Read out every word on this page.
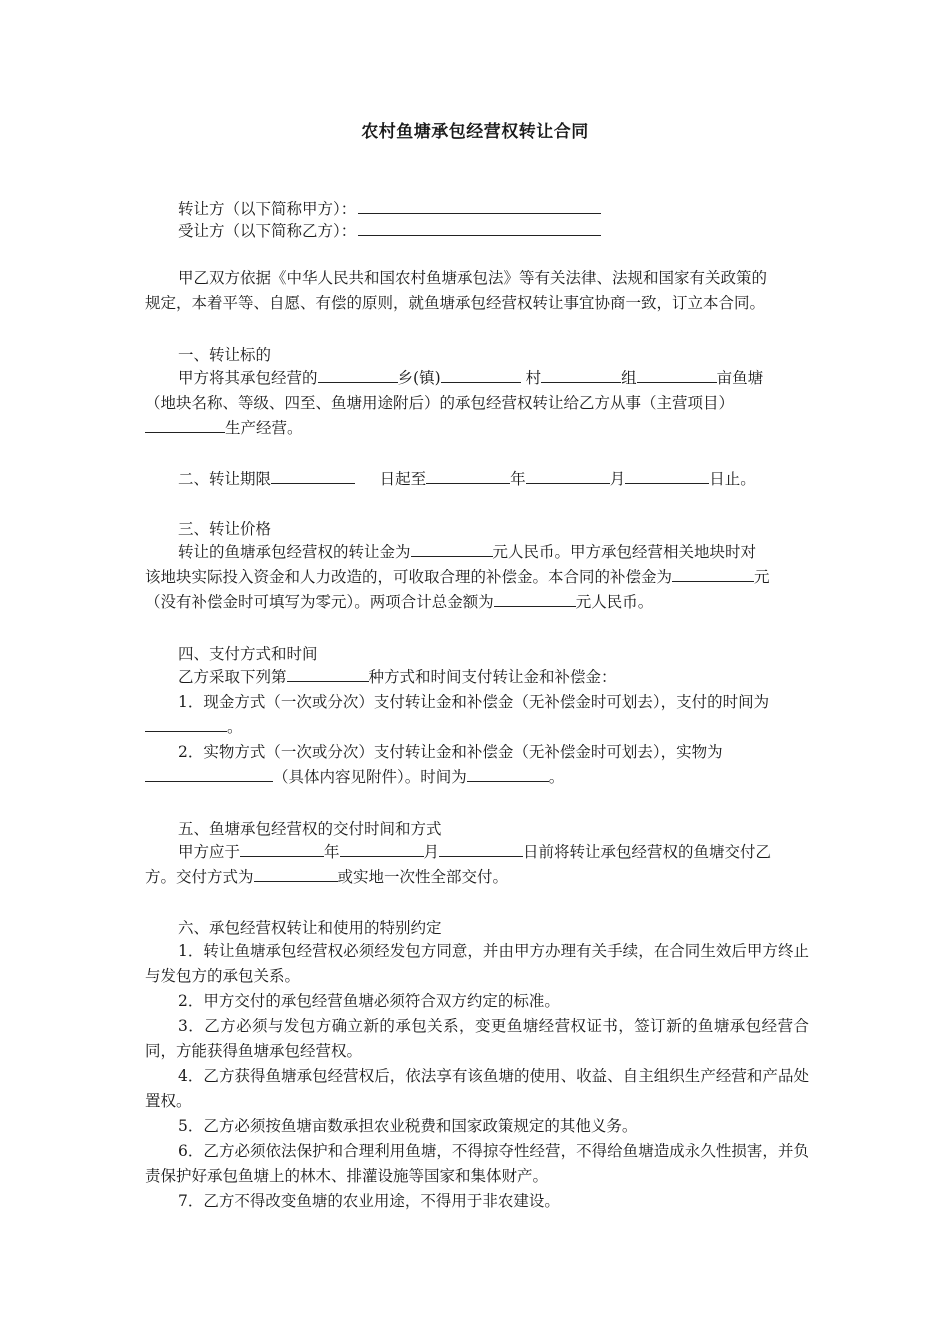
农村鱼塘承包经营权转让合同
转让方（以下简称甲方）：
受让方（以下简称乙方）：
甲乙双方依据《中华人民共和国农村鱼塘承包法》等有关法律、法规和国家有关政策的
规定，本着平等、自愿、有偿的原则，就鱼塘承包经营权转让事宜协商一致，订立本合同。
一、转让标的
甲方将其承包经营的	乡(镇)	村	组	亩鱼塘
（地块名称、等级、四至、鱼塘用途附后）的承包经营权转让给乙方从事（主营项目）
生产经营。
二、转让期限	日起至	年	月	日止。
三、转让价格
转让的鱼塘承包经营权的转让金为	元人民币。甲方承包经营相关地块时对
该地块实际投入资金和人力改造的，可收取合理的补偿金。本合同的补偿金为	元
（没有补偿金时可填写为零元）。两项合计总金额为	元人民币。
四、支付方式和时间
乙方采取下列第	种方式和时间支付转让金和补偿金：
1．现金方式（一次或分次）支付转让金和补偿金（无补偿金时可划去），支付的时间为
。
2．实物方式（一次或分次）支付转让金和补偿金（无补偿金时可划去），实物为
（具体内容见附件）。时间为	。
五、鱼塘承包经营权的交付时间和方式
甲方应于	年	月	日前将转让承包经营权的鱼塘交付乙
方。交付方式为	或实地一次性全部交付。
六、承包经营权转让和使用的特别约定
1．转让鱼塘承包经营权必须经发包方同意，并由甲方办理有关手续，在合同生效后甲方终止与发包方的承包关系。
2．甲方交付的承包经营鱼塘必须符合双方约定的标准。
3．乙方必须与发包方确立新的承包关系，变更鱼塘经营权证书，签订新的鱼塘承包经营合同，方能获得鱼塘承包经营权。
4．乙方获得鱼塘承包经营权后，依法享有该鱼塘的使用、收益、自主组织生产经营和产品处置权。
5．乙方必须按鱼塘亩数承担农业税费和国家政策规定的其他义务。
6．乙方必须依法保护和合理利用鱼塘，不得掠夺性经营，不得给鱼塘造成永久性损害，并负责保护好承包鱼塘上的林木、排灌设施等国家和集体财产。
7．乙方不得改变鱼塘的农业用途，不得用于非农建设。
